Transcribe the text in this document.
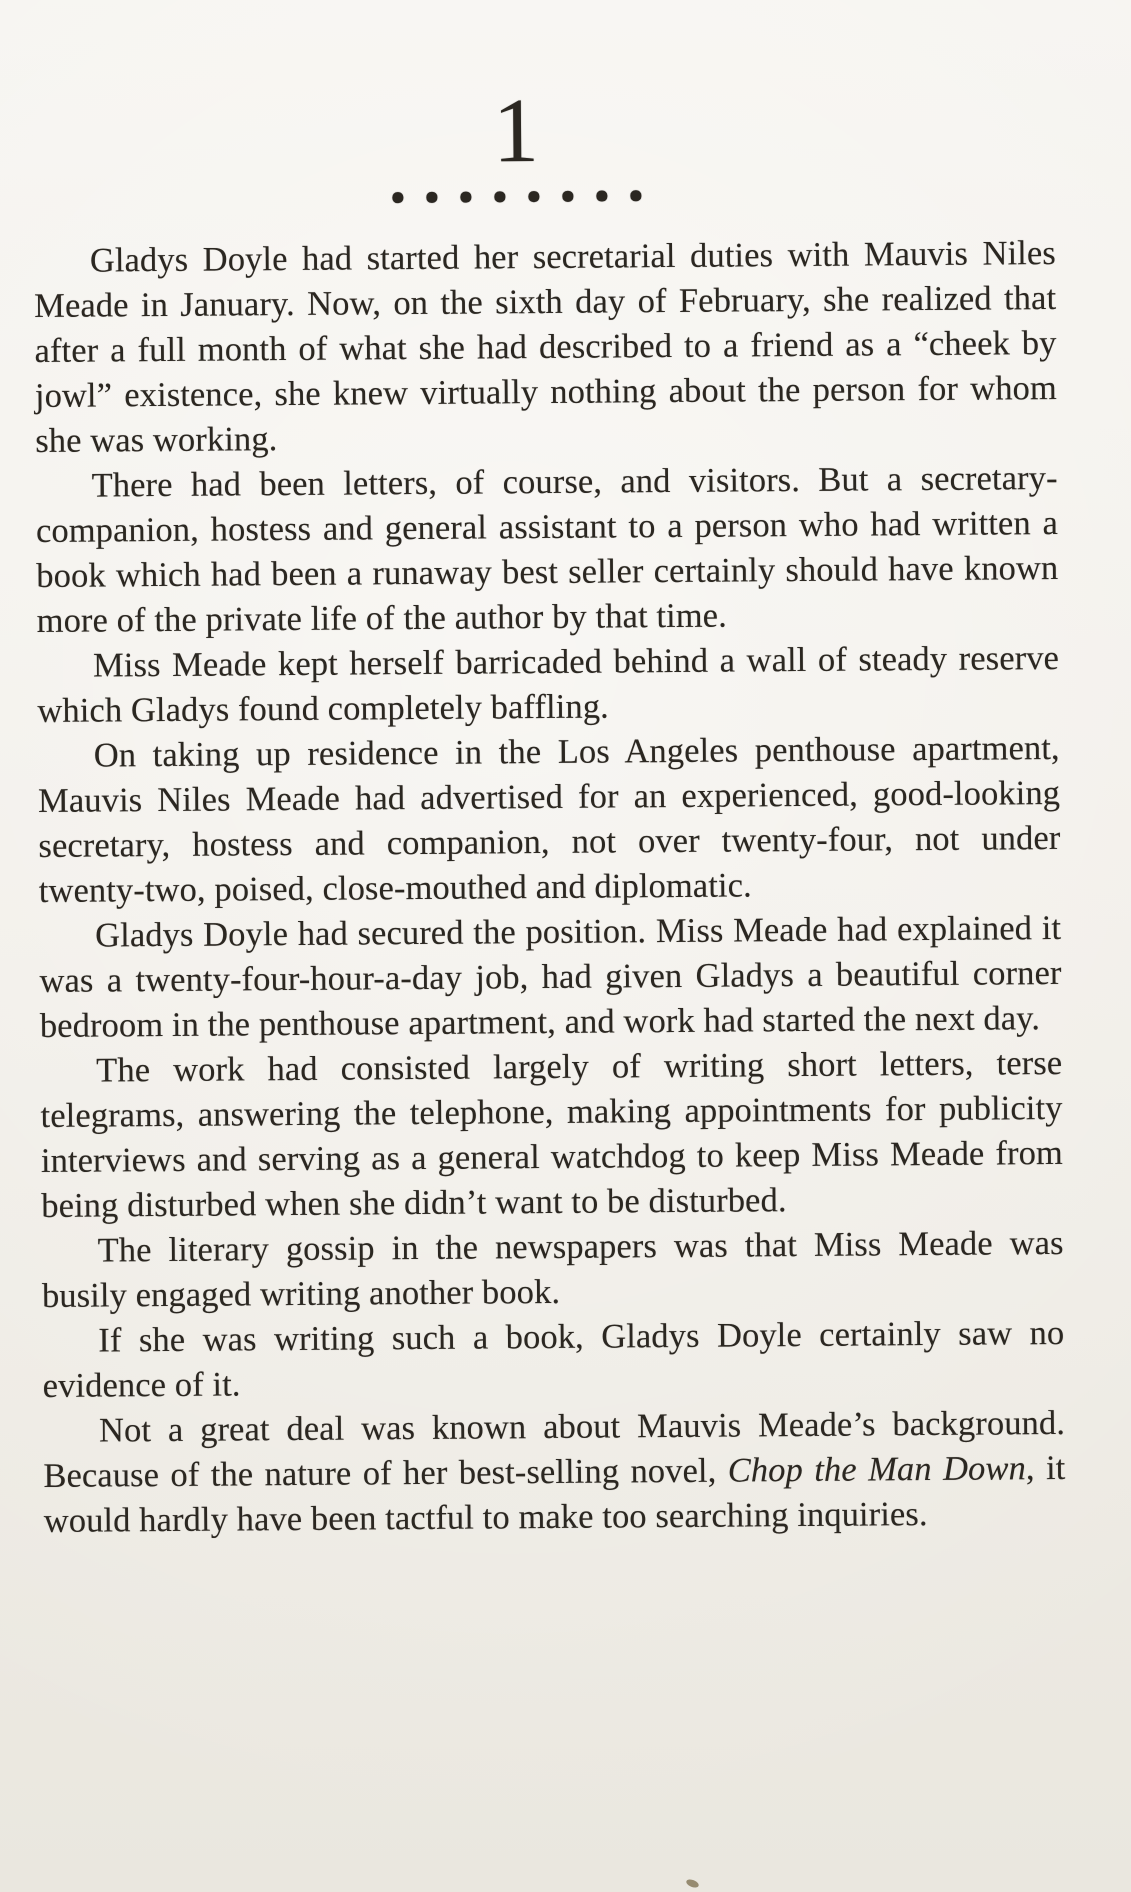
1

Gladys Doyle had started her secretarial duties with Mauvis Niles Meade in January. Now, on the sixth day of February, she realized that after a full month of what she had described to a friend as a “cheek by jowl” existence, she knew virtually nothing about the person for whom she was working.

There had been letters, of course, and visitors. But a secretary-companion, hostess and general assistant to a person who had written a book which had been a runaway best seller certainly should have known more of the private life of the author by that time.

Miss Meade kept herself barricaded behind a wall of steady reserve which Gladys found completely baffling.

On taking up residence in the Los Angeles penthouse apartment, Mauvis Niles Meade had advertised for an experienced, good-looking secretary, hostess and companion, not over twenty-four, not under twenty-two, poised, close-mouthed and diplomatic.

Gladys Doyle had secured the position. Miss Meade had explained it was a twenty-four-hour-a-day job, had given Gladys a beautiful corner bedroom in the penthouse apartment, and work had started the next day.

The work had consisted largely of writing short letters, terse telegrams, answering the telephone, making appointments for publicity interviews and serving as a general watchdog to keep Miss Meade from being disturbed when she didn’t want to be disturbed.

The literary gossip in the newspapers was that Miss Meade was busily engaged writing another book.

If she was writing such a book, Gladys Doyle certainly saw no evidence of it.

Not a great deal was known about Mauvis Meade’s background. Because of the nature of her best-selling novel, Chop the Man Down, it would hardly have been tactful to make too searching inquiries.
